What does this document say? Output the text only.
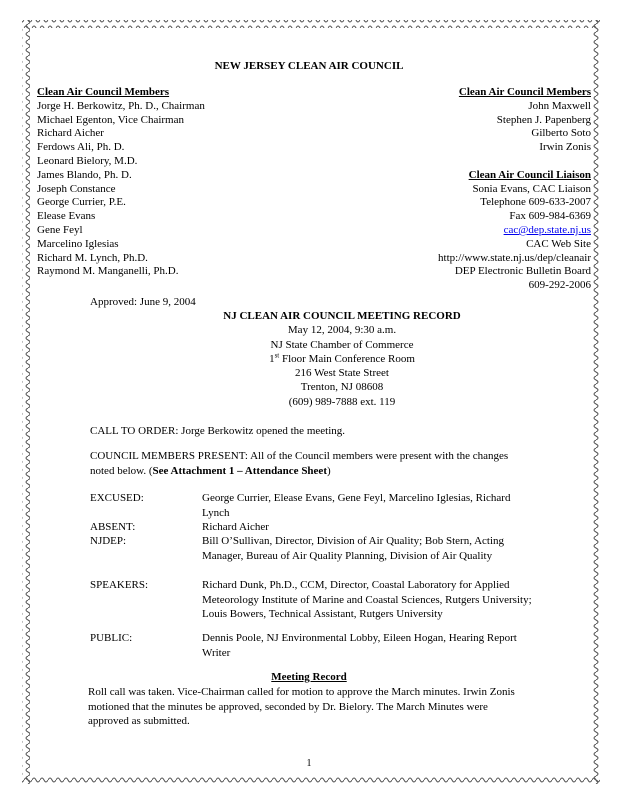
NEW JERSEY CLEAN AIR COUNCIL
Clean Air Council Members
Jorge H. Berkowitz, Ph. D., Chairman
Michael Egenton, Vice Chairman
Richard Aicher
Ferdows Ali, Ph. D.
Leonard Bielory, M.D.
James Blando, Ph. D.
Joseph Constance
George Currier, P.E.
Elease Evans
Gene Feyl
Marcelino Iglesias
Richard M. Lynch, Ph.D.
Raymond M. Manganelli, Ph.D.
Clean Air Council Members
John Maxwell
Stephen J. Papenberg
Gilberto Soto
Irwin Zonis
Clean Air Council Liaison
Sonia Evans, CAC Liaison
Telephone 609-633-2007
Fax 609-984-6369
cac@dep.state.nj.us
CAC Web Site
http://www.state.nj.us/dep/cleanair
DEP Electronic Bulletin Board
609-292-2006
Approved: June 9, 2004
NJ CLEAN AIR COUNCIL MEETING RECORD
May 12, 2004, 9:30 a.m.
NJ State Chamber of Commerce
1st Floor Main Conference Room
216 West State Street
Trenton, NJ 08608
(609) 989-7888 ext. 119
CALL TO ORDER: Jorge Berkowitz opened the meeting.
COUNCIL MEMBERS PRESENT: All of the Council members were present with the changes noted below. (See Attachment 1 – Attendance Sheet)
EXCUSED:	George Currier, Elease Evans, Gene Feyl, Marcelino Iglesias, Richard Lynch
ABSENT:	Richard Aicher
NJDEP:	Bill O’Sullivan, Director, Division of Air Quality; Bob Stern, Acting Manager, Bureau of Air Quality Planning, Division of Air Quality
SPEAKERS:	Richard Dunk, Ph.D., CCM, Director, Coastal Laboratory for Applied Meteorology Institute of Marine and Coastal Sciences, Rutgers University; Louis Bowers, Technical Assistant, Rutgers University
PUBLIC:	Dennis Poole, NJ Environmental Lobby, Eileen Hogan, Hearing Report Writer
Meeting Record
Roll call was taken. Vice-Chairman called for motion to approve the March minutes. Irwin Zonis motioned that the minutes be approved, seconded by Dr. Bielory. The March Minutes were approved as submitted.
1
